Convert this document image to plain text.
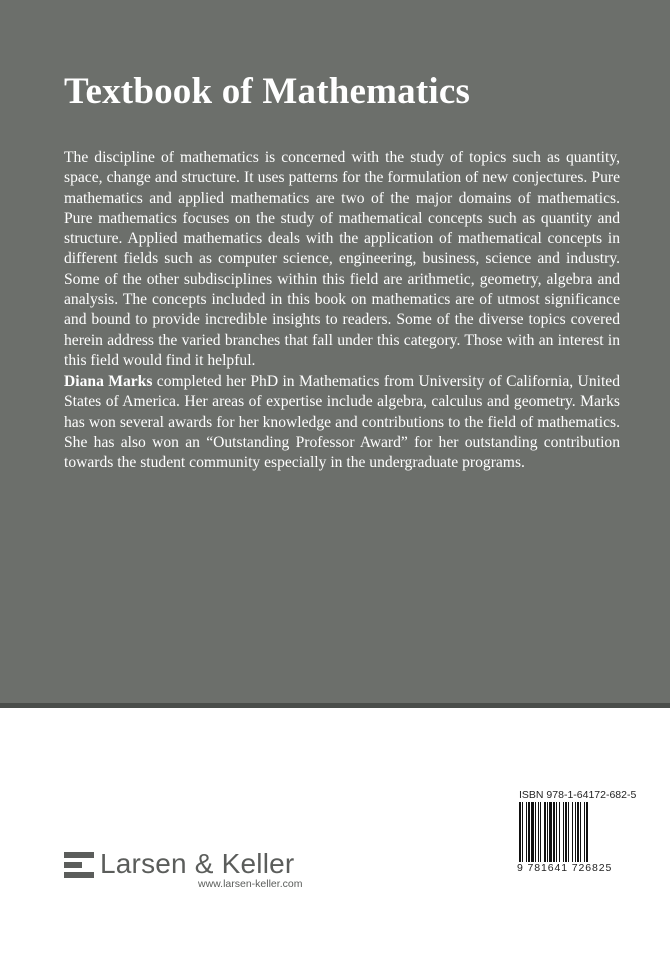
Textbook of Mathematics

The discipline of mathematics is concerned with the study of topics such as quantity, space, change and structure. It uses patterns for the formulation of new conjectures. Pure mathematics and applied mathematics are two of the major domains of mathematics. Pure mathematics focuses on the study of mathematical concepts such as quantity and structure. Applied mathematics deals with the application of mathematical concepts in different fields such as computer science, engineering, business, science and industry. Some of the other subdisciplines within this field are arithmetic, geometry, algebra and analysis. The concepts included in this book on mathematics are of utmost significance and bound to provide incredible insights to readers. Some of the diverse topics covered herein address the varied branches that fall under this category. Those with an interest in this field would find it helpful.

Diana Marks completed her PhD in Mathematics from University of California, United States of America. Her areas of expertise include algebra, calculus and geometry. Marks has won several awards for her knowledge and contributions to the field of mathematics. She has also won an “Outstanding Professor Award” for her outstanding contribution towards the student community especially in the undergraduate programs.

Larsen & Keller
www.larsen-keller.com
ISBN 978-1-64172-682-5
9 781641 726825
